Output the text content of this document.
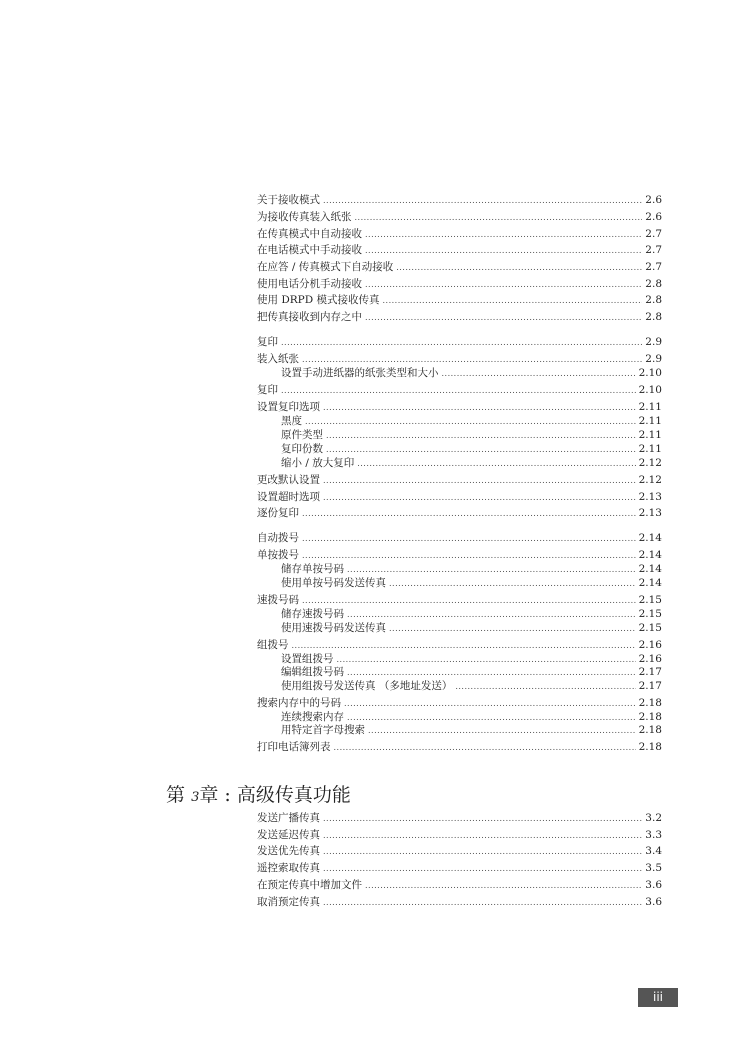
关于接收模式 .....	2.6
为接收传真装入纸张 .....	2.6
在传真模式中自动接收 .....	2.7
在电话模式中手动接收 .....	2.7
在应答 / 传真模式下自动接收 .....	2.7
使用电话分机手动接收 .....	2.8
使用 DRPD 模式接收传真 .....	2.8
把传真接收到内存之中 .....	2.8
复印 .....	2.9
装入纸张 .....	2.9
设置手动进纸器的纸张类型和大小 .....	2.10
复印 .....	2.10
设置复印选项 .....	2.11
黑度 .....	2.11
原件类型 .....	2.11
复印份数 .....	2.11
缩小 / 放大复印 .....	2.12
更改默认设置 .....	2.12
设置超时选项 .....	2.13
逐份复印 .....	2.13
自动拨号 .....	2.14
单按拨号 .....	2.14
储存单按号码 .....	2.14
使用单按号码发送传真 .....	2.14
速拨号码 .....	2.15
储存速拨号码 .....	2.15
使用速拨号码发送传真 .....	2.15
组拨号 .....	2.16
设置组拨号 .....	2.16
编辑组拨号码 .....	2.17
使用组拨号发送传真 （多地址发送） .....	2.17
搜索内存中的号码 .....	2.18
连续搜索内存 .....	2.18
用特定首字母搜索 .....	2.18
打印电话簿列表 .....	2.18
发送广播传真 .....	3.2
发送延迟传真 .....	3.3
发送优先传真 .....	3.4
遥控索取传真 .....	3.5
在预定传真中增加文件 .....	3.6
取消预定传真 .....	3.6
第 3章 : 高级传真功能
iii
